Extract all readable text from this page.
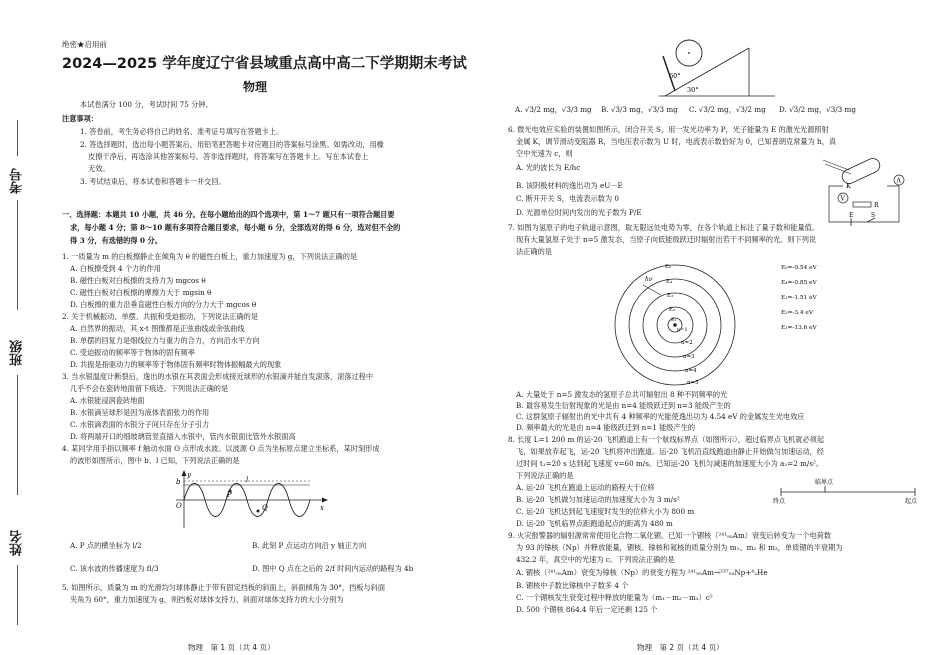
考号
班级
姓名
绝密★启用前
2024—2025 学年度辽宁省县域重点高中高二下学期期末考试
物理
本试卷满分 100 分，考试时间 75 分钟。
注意事项：
1. 答卷前，考生务必将自己的姓名、准考证号填写在答题卡上。
2. 答选择题时，选出每小题答案后，用铅笔把答题卡对应题目的答案标号涂黑。如需改动，用橡
皮擦干净后，再选涂其他答案标号。答非选择题时，将答案写在答题卡上。写在本试卷上
无效。
3. 考试结束后，将本试卷和答题卡一并交回。
一、选择题：本题共 10 小题，共 46 分。在每小题给出的四个选项中，第 1～7 题只有一项符合题目要
求，每小题 4 分；第 8～10 题有多项符合题目要求，每小题 6 分，全部选对的得 6 分，选对但不全的
得 3 分，有选错的得 0 分。
1. 一质量为 m 的白板擦静止在倾角为 θ 的磁性白板上，重力加速度为 g，下列说法正确的是
A. 白板擦受到 4 个力的作用
B. 磁性白板对白板擦的支持力为 mgcos θ
C. 磁性白板对白板擦的摩擦力大于 mgsin θ
D. 白板擦的重力沿垂直磁性白板方向的分力大于 mgcos θ
2. 关于机械振动、单摆、共振和受迫振动，下列说法正确的是
A. 自然界的振动，其 x-t 图像都是正弦曲线或余弦曲线
B. 单摆的回复力是细线拉力与重力的合力，方向沿水平方向
C. 受迫振动的频率等于物体的固有频率
D. 共振是指驱动力的频率等于物体固有频率时物体振幅最大的现象
3. 当水银温度计断裂后，逸出的水银在其表面会形成接近球形的水银滴并能自发滚落，滚落过程中
几乎不会在瓷砖地面留下痕迹。下列说法正确的是
A. 水银能浸润瓷砖地面
B. 水银滴呈球形是因为液体表面张力的作用
C. 水银滴表面的水银分子间只存在分子引力
D. 将两端开口的细玻璃管竖直插入水银中，管内水银面比管外水银面高
4. 某同学用手指以频率 f 触动水面 O 点形成水波。以波源 O 点为坐标原点建立坐标系，某时刻形成
的波形如图所示，图中 b、l 已知，下列说法正确的是
y
x
O
b	l
P
Q
A. P 点的横坐标为 l/2	B. 此刻 P 点运动方向沿 y 轴正方向
C. 该水波的传播速度为 fl/3	D. 图中 Q 点在之后的 2/f 时间内运动的路程为 4b
5. 如图所示，质量为 m 的光滑均匀球体静止于带有固定挡板的斜面上，斜面倾角为 30°，挡板与斜面
夹角为 60°，重力加速度为 g，则挡板对球体支持力、斜面对球体支持力的大小分别为
物理　第 1 页（共 4 页）
60°
30°
A. √3/2 mg，√3/3 mg B. √3/3 mg，√3/3 mg C. √3/2 mg，√3/2 mg D. √3/2 mg，√3/3 mg
6. 微光电效应实验的装置如图所示，闭合开关 S，用一发光功率为 P，光子能量为 E 的激光光源照射
金属 K，调节滑动变阻器 R，当电压表示数为 U 时，电流表示数恰好为 0，已知普朗克常量为 h，真
空中光速为 c，则
A. 光的波长为 E/hc
B. 该阴极材料的逸出功为 eU－E
C. 断开开关 S，电流表示数为 0
D. 光源单位时间内发出的光子数为 P/E
K
A
V
R
E	S
7. 如图为氢原子的电子轨道示意图，取无限远处电势为零，在各个轨道上标注了量子数和能量值。
现有大量氢原子处于 n=5 激发态，当原子向低能级跃迁时辐射出若干不同频率的光。则下列说
法正确的是
hν
E₅
E₄
E₃
E₂
E₁
n=1
n=2
n=3
n=4
n=5
E₅=-0.54 eV
E₄=-0.85 eV
E₃=-1.51 eV
E₂=-3.4 eV
E₁=-13.6 eV
A. 大量处于 n=5 激发态的氢原子总共可辐射出 8 种不同频率的光
B. 最容易发生衍射现象的光是由 n=4 能级跃迁到 n=3 能级产生的
C. 这群氢原子辐射出的光中共有 4 种频率的光能使逸出功为 4.54 eV 的金属发生光电效应
D. 频率最大的光是由 n=4 能级跃迁到 n=1 能级产生的
8. 长度 L=1 200 m 的运-20 飞机跑道上有一个航线标界点（如图所示），超过临界点飞机就必须起
飞，如果放弃起飞，运-20 飞机将冲出跑道。运-20 飞机沿直线跑道由静止开始做匀加速运动，经
过时间 t₁=20 s 达到起飞速度 v=60 m/s。已知运-20 飞机匀减速的加速度大小为 a₂=2 m/s²。
下列说法正确的是
临界点
终点	起点
A. 运-20 飞机在跑道上运动的路程大于位移
B. 运-20 飞机做匀加速运动的加速度大小为 3 m/s²
C. 运-20 飞机达到起飞速度时发生的位移大小为 800 m
D. 运-20 飞机临界点距跑道起点的距离为 480 m
9. 火灾报警器的辐射源常常使用化合物二氧化镅。已知一个镅核（²⁴¹₉₅Am）衰变后转变为一个电荷数
为 93 的镎核（Np）并释放能量，镅核、镎核和氦核的质量分别为 m₁、m₂ 和 m₃，单质镅的半衰期为
432.2 年，真空中的光速为 c。下列说法正确的是
A. 镅核（²⁴¹₉₅Am）衰变为镎核（Np）的衰变方程为 ²⁴¹₉₅Am→²³⁷₉₃Np+⁴₂He
B. 镅核中子数比镎核中子数多 4 个
C. 一个镅核发生衰变过程中释放的能量为（m₁－m₂－m₃）c²
D. 500 个镅核 864.4 年后一定还剩 125 个
物理　第 2 页（共 4 页）
